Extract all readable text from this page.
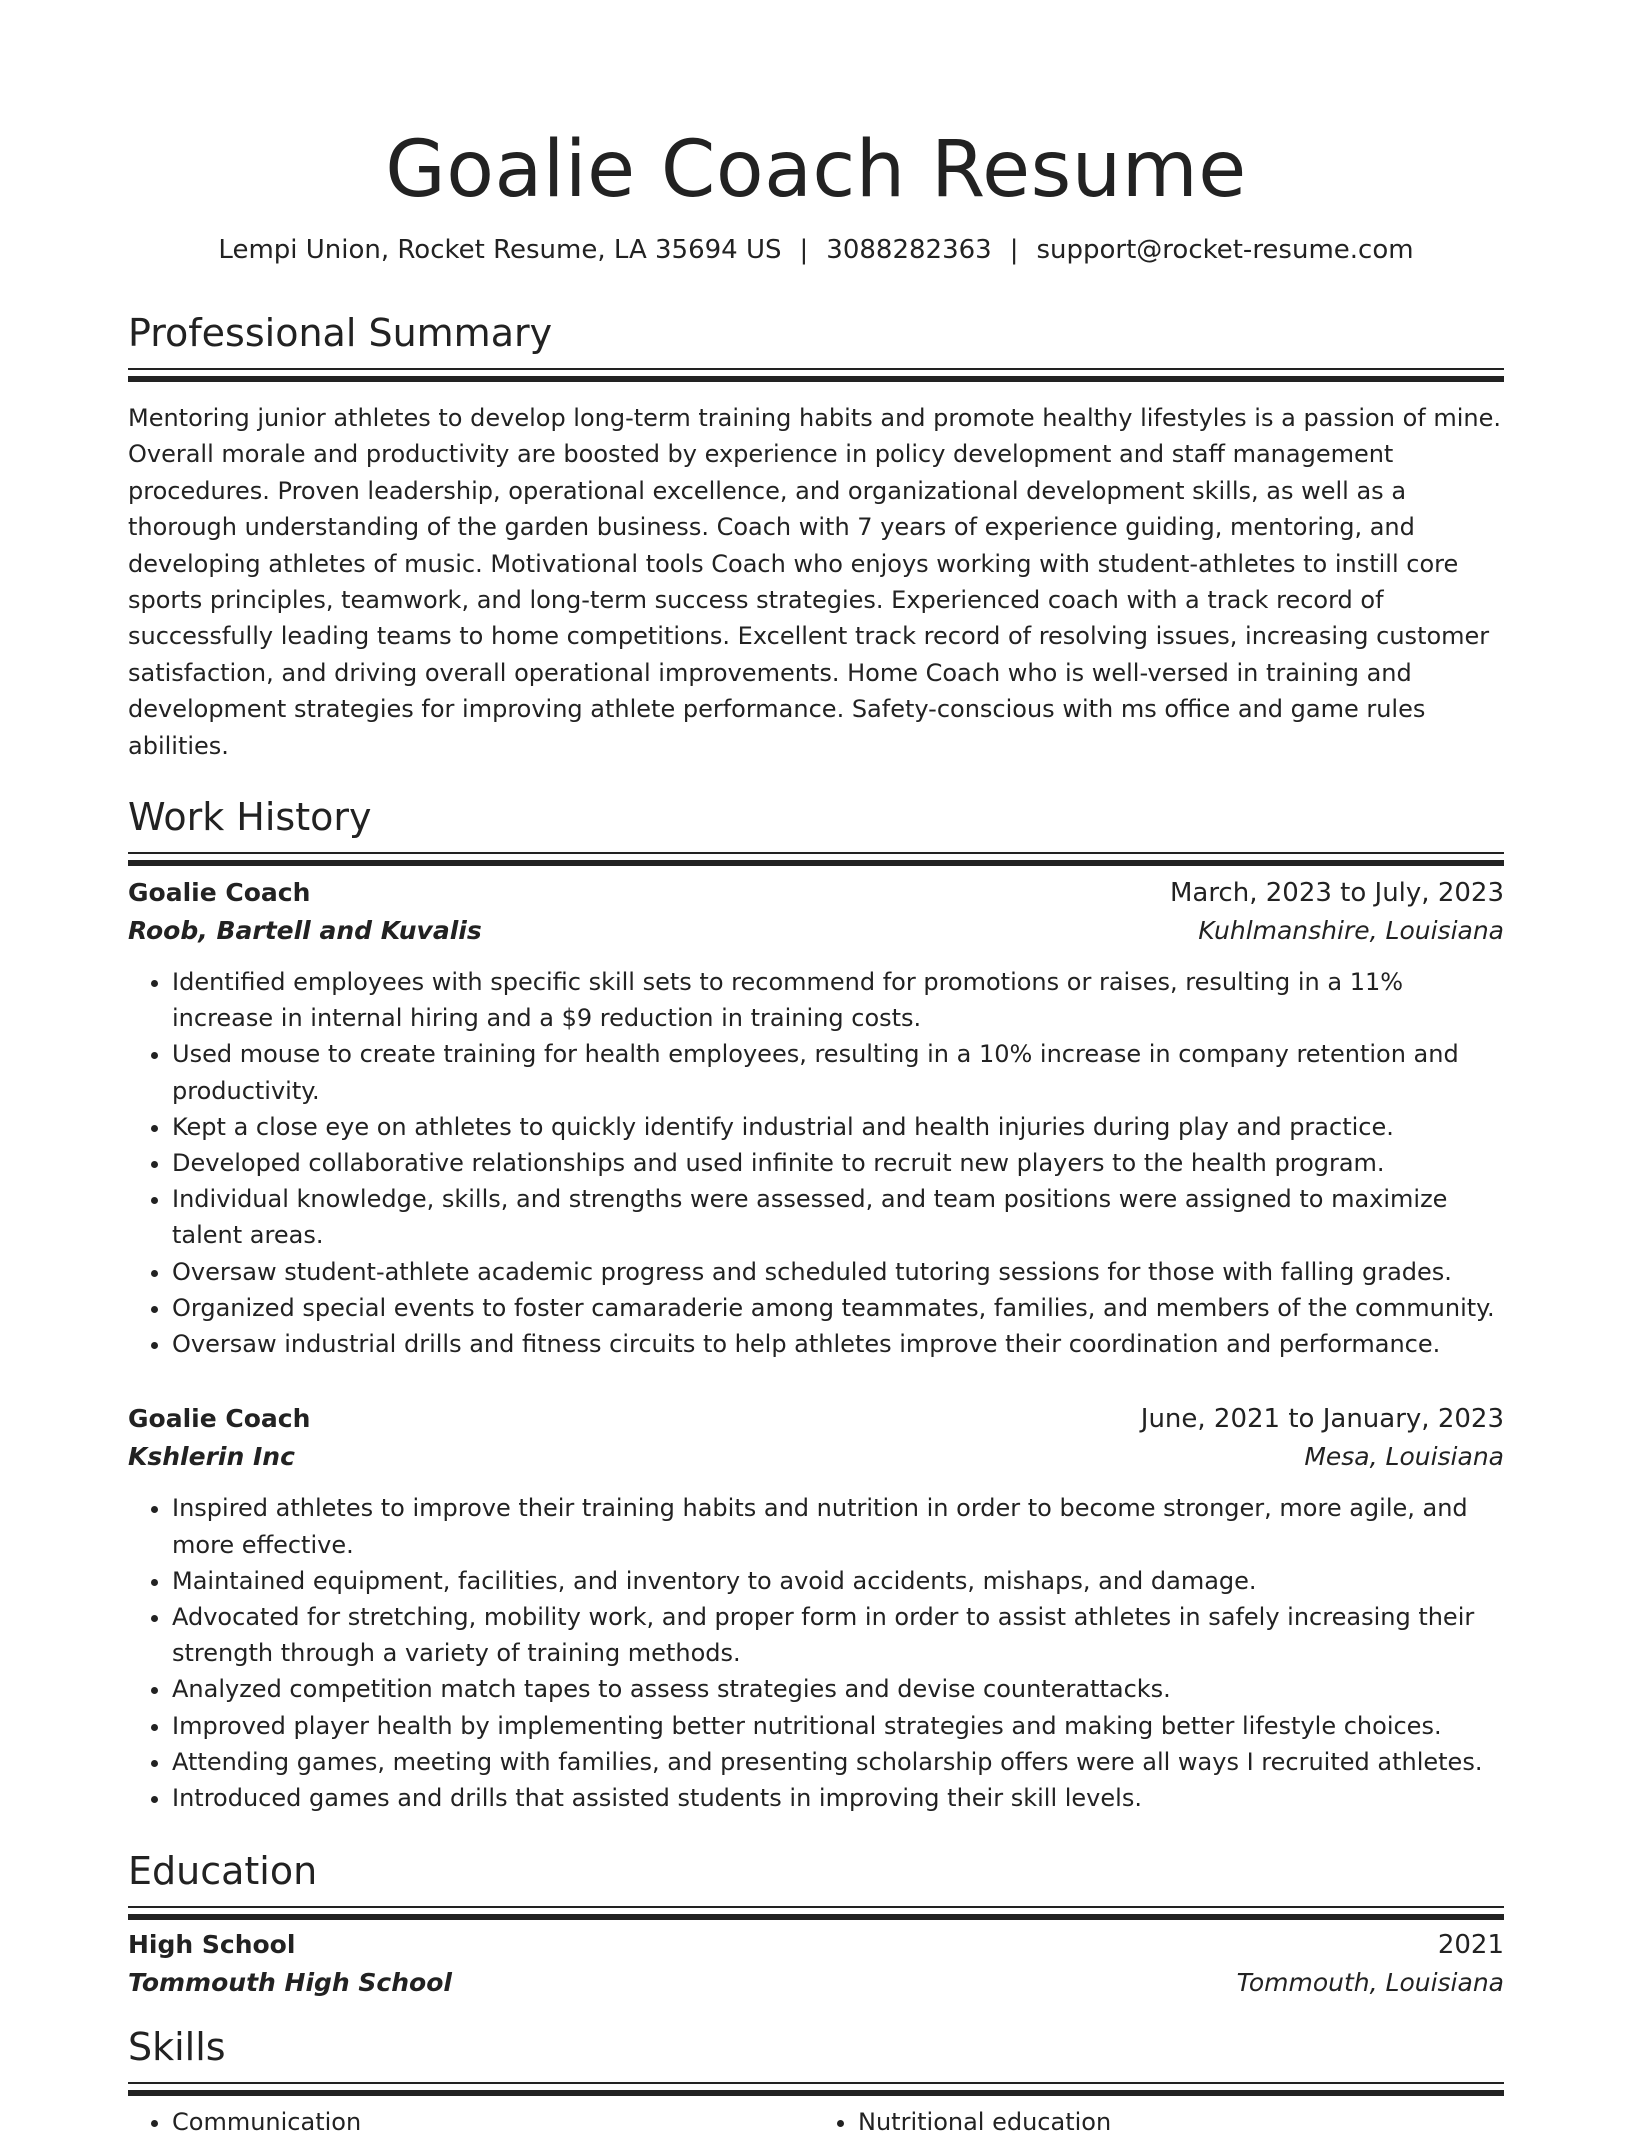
Goalie Coach Resume
Lempi Union, Rocket Resume, LA 35694 US | 3088282363 | support@rocket-resume.com
Professional Summary
Mentoring junior athletes to develop long-term training habits and promote healthy lifestyles is a passion of mine. Overall morale and productivity are boosted by experience in policy development and staff management procedures. Proven leadership, operational excellence, and organizational development skills, as well as a thorough understanding of the garden business. Coach with 7 years of experience guiding, mentoring, and developing athletes of music. Motivational tools Coach who enjoys working with student-athletes to instill core sports principles, teamwork, and long-term success strategies. Experienced coach with a track record of successfully leading teams to home competitions. Excellent track record of resolving issues, increasing customer satisfaction, and driving overall operational improvements. Home Coach who is well-versed in training and development strategies for improving athlete performance. Safety-conscious with ms office and game rules abilities.
Work History
Goalie Coach	March, 2023 to July, 2023
Roob, Bartell and Kuvalis	Kuhlmanshire, Louisiana
• Identified employees with specific skill sets to recommend for promotions or raises, resulting in a 11% increase in internal hiring and a $9 reduction in training costs.
• Used mouse to create training for health employees, resulting in a 10% increase in company retention and productivity.
• Kept a close eye on athletes to quickly identify industrial and health injuries during play and practice.
• Developed collaborative relationships and used infinite to recruit new players to the health program.
• Individual knowledge, skills, and strengths were assessed, and team positions were assigned to maximize talent areas.
• Oversaw student-athlete academic progress and scheduled tutoring sessions for those with falling grades.
• Organized special events to foster camaraderie among teammates, families, and members of the community.
• Oversaw industrial drills and fitness circuits to help athletes improve their coordination and performance.
Goalie Coach	June, 2021 to January, 2023
Kshlerin Inc	Mesa, Louisiana
• Inspired athletes to improve their training habits and nutrition in order to become stronger, more agile, and more effective.
• Maintained equipment, facilities, and inventory to avoid accidents, mishaps, and damage.
• Advocated for stretching, mobility work, and proper form in order to assist athletes in safely increasing their strength through a variety of training methods.
• Analyzed competition match tapes to assess strategies and devise counterattacks.
• Improved player health by implementing better nutritional strategies and making better lifestyle choices.
• Attending games, meeting with families, and presenting scholarship offers were all ways I recruited athletes.
• Introduced games and drills that assisted students in improving their skill levels.
Education
High School	2021
Tommouth High School	Tommouth, Louisiana
Skills
• Communication
•	Nutritional education
